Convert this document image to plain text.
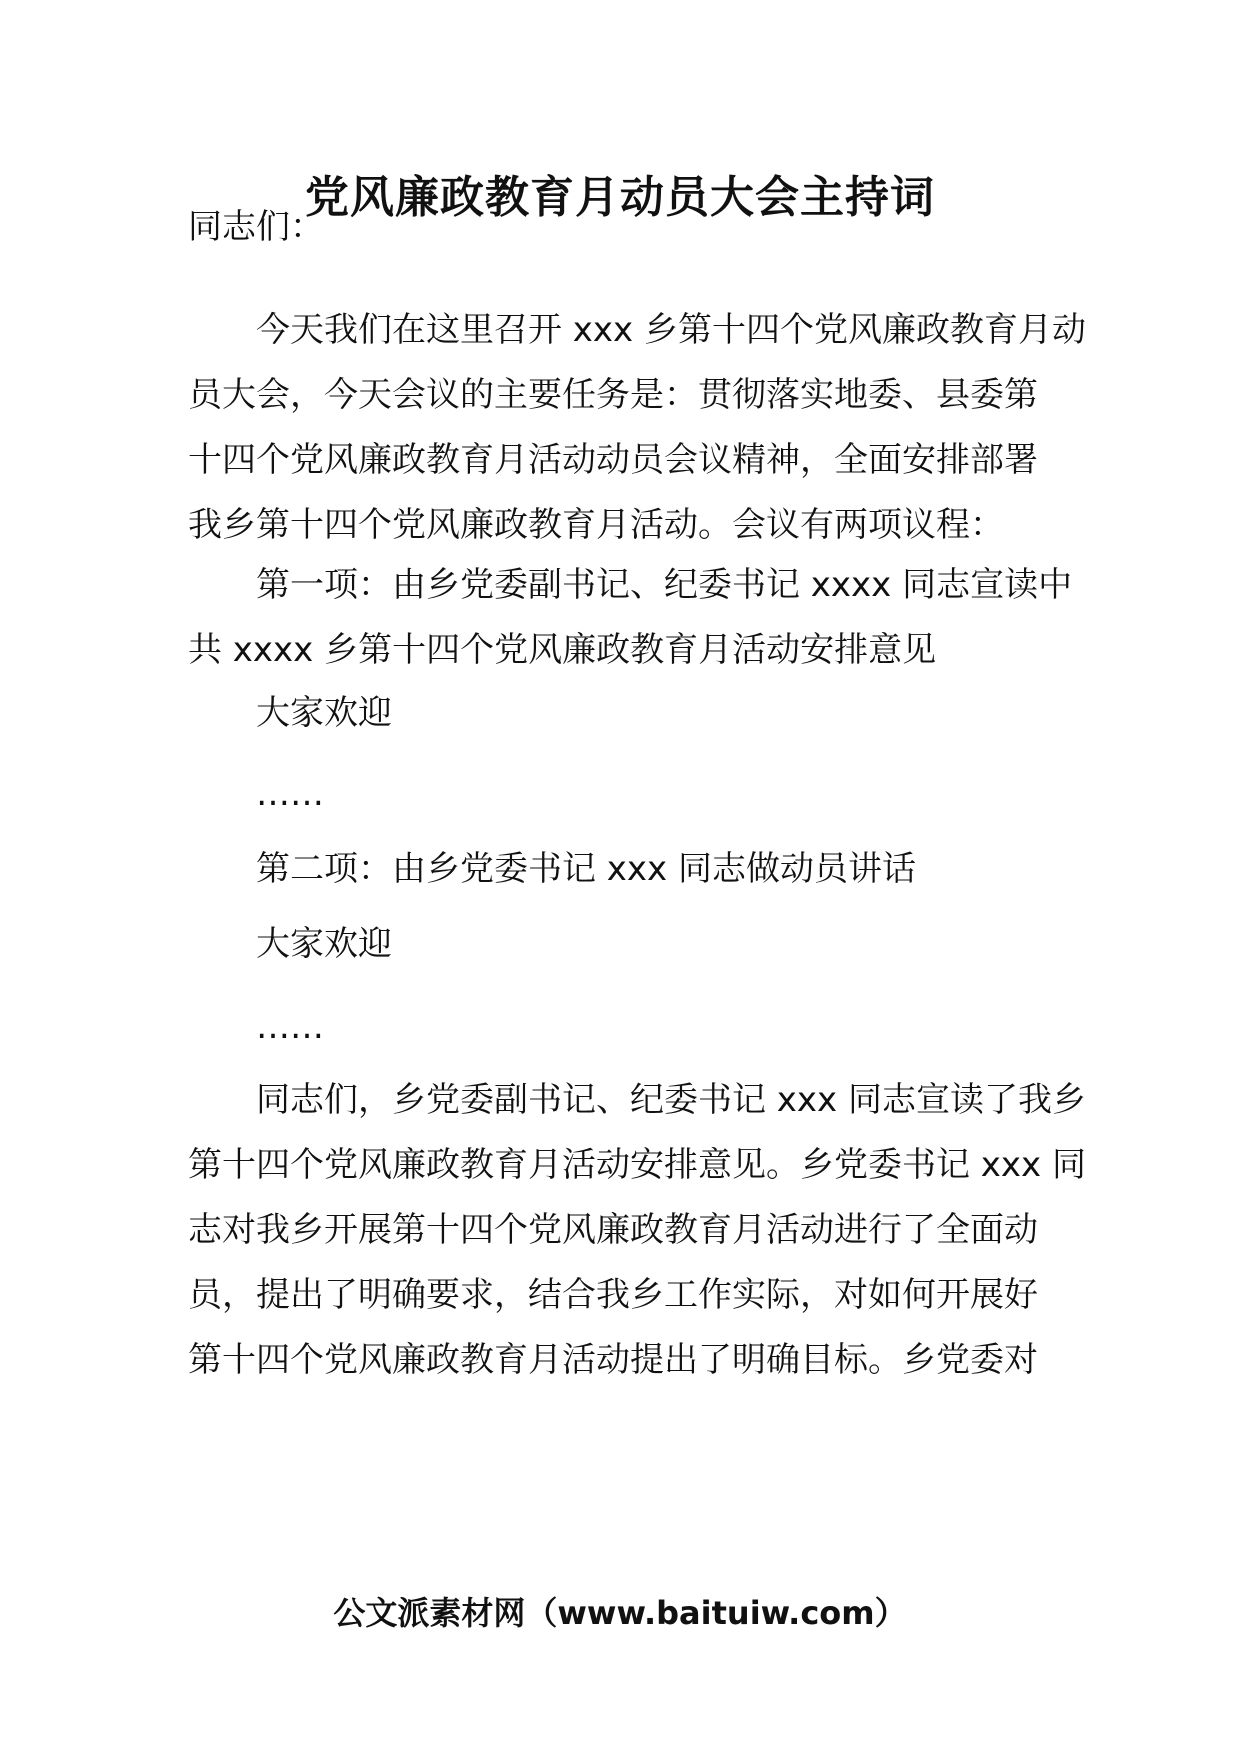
党风廉政教育月动员大会主持词
同志们：
今天我们在这里召开 xxx 乡第十四个党风廉政教育月动
员大会，今天会议的主要任务是：贯彻落实地委、县委第
十四个党风廉政教育月活动动员会议精神，全面安排部署
我乡第十四个党风廉政教育月活动。会议有两项议程：
第一项：由乡党委副书记、纪委书记 xxxx 同志宣读中
共 xxxx 乡第十四个党风廉政教育月活动安排意见
大家欢迎
……
第二项：由乡党委书记 xxx 同志做动员讲话
大家欢迎
……
同志们，乡党委副书记、纪委书记 xxx 同志宣读了我乡
第十四个党风廉政教育月活动安排意见。乡党委书记 xxx 同
志对我乡开展第十四个党风廉政教育月活动进行了全面动
员，提出了明确要求，结合我乡工作实际，对如何开展好
第十四个党风廉政教育月活动提出了明确目标。乡党委对
公文派素材网（www.baituiw.com）
